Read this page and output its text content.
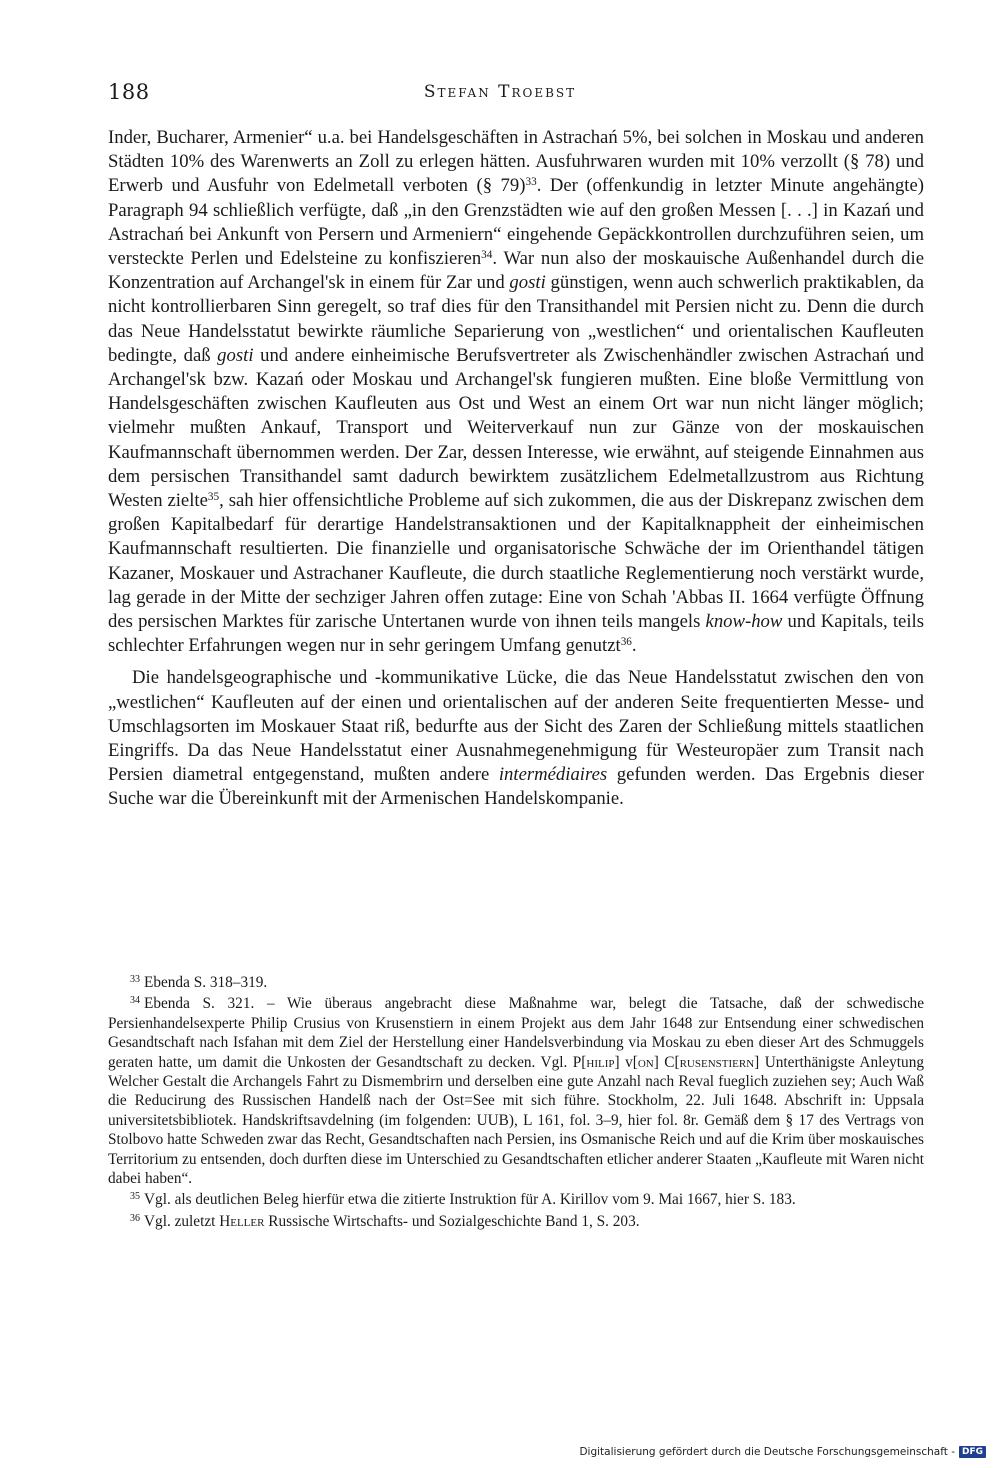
188	Stefan Troebst

Inder, Bucharer, Armenier“ u.a. bei Handelsgeschäften in Astrachań 5%, bei solchen in Moskau und anderen Städten 10% des Warenwerts an Zoll zu erlegen hätten. Ausfuhrwaren wurden mit 10% verzollt (§ 78) und Erwerb und Ausfuhr von Edelmetall verboten (§ 79)$^{33}$. Der (offenkundig in letzter Minute angehängte) Paragraph 94 schließlich verfügte, daß „in den Grenzstädten wie auf den großen Messen [. . .] in Kazań und Astrachań bei Ankunft von Persern und Armeniern“ eingehende Gepäckkontrollen durchzuführen seien, um versteckte Perlen und Edelsteine zu konfiszieren$^{34}$. War nun also der moskauische Außenhandel durch die Konzentration auf Archangel'sk in einem für Zar und gosti günstigen, wenn auch schwerlich praktikablen, da nicht kontrollierbaren Sinn geregelt, so traf dies für den Transithandel mit Persien nicht zu. Denn die durch das Neue Handelsstatut bewirkte räumliche Separierung von „westlichen“ und orientalischen Kaufleuten bedingte, daß gosti und andere einheimische Berufsvertreter als Zwischenhändler zwischen Astrachań und Archangel'sk bzw. Kazań oder Moskau und Archangel'sk fungieren mußten. Eine bloße Vermittlung von Handelsgeschäften zwischen Kaufleuten aus Ost und West an einem Ort war nun nicht länger möglich; vielmehr mußten Ankauf, Transport und Weiterverkauf nun zur Gänze von der moskauischen Kaufmannschaft übernommen werden. Der Zar, dessen Interesse, wie erwähnt, auf steigende Einnahmen aus dem persischen Transithandel samt dadurch bewirktem zusätzlichem Edelmetallzustrom aus Richtung Westen zielte$^{35}$, sah hier offensichtliche Probleme auf sich zukommen, die aus der Diskrepanz zwischen dem großen Kapitalbedarf für derartige Handelstransaktionen und der Kapitalknappheit der einheimischen Kaufmannschaft resultierten. Die finanzielle und organisatorische Schwäche der im Orienthandel tätigen Kazaner, Moskauer und Astrachaner Kaufleute, die durch staatliche Reglementierung noch verstärkt wurde, lag gerade in der Mitte der sechziger Jahren offen zutage: Eine von Schah 'Abbas II. 1664 verfügte Öffnung des persischen Marktes für zarische Untertanen wurde von ihnen teils mangels know-how und Kapitals, teils schlechter Erfahrungen wegen nur in sehr geringem Umfang genutzt$^{36}$.

Die handelsgeographische und -kommunikative Lücke, die das Neue Handelsstatut zwischen den von „westlichen“ Kaufleuten auf der einen und orientalischen auf der anderen Seite frequentierten Messe- und Umschlagsorten im Moskauer Staat riß, bedurfte aus der Sicht des Zaren der Schließung mittels staatlichen Eingriffs. Da das Neue Handelsstatut einer Ausnahmegenehmigung für Westeuropäer zum Transit nach Persien diametral entgegenstand, mußten andere intermédiaires gefunden werden. Das Ergebnis dieser Suche war die Übereinkunft mit der Armenischen Handelskompanie.

$^{33}$ Ebenda S. 318–319.

$^{34}$ Ebenda S. 321. – Wie überaus angebracht diese Maßnahme war, belegt die Tatsache, daß der schwedische Persienhandelsexperte Philip Crusius von Krusenstiern in einem Projekt aus dem Jahr 1648 zur Entsendung einer schwedischen Gesandtschaft nach Isfahan mit dem Ziel der Herstellung einer Handelsverbindung via Moskau zu eben dieser Art des Schmuggels geraten hatte, um damit die Unkosten der Gesandtschaft zu decken. Vgl. P[hilip] v[on] C[rusenstiern] Unterthänigste Anleytung Welcher Gestalt die Archangels Fahrt zu Dismembrirn und derselben eine gute Anzahl nach Reval fueglich zuziehen sey; Auch Waß die Reducirung des Russischen Handelß nach der Ost=See mit sich führe. Stockholm, 22. Juli 1648. Abschrift in: Uppsala universitetsbibliotek. Handskriftsavdelning (im folgenden: UUB), L 161, fol. 3–9, hier fol. 8r. Gemäß dem § 17 des Vertrags von Stolbovo hatte Schweden zwar das Recht, Gesandtschaften nach Persien, ins Osmanische Reich und auf die Krim über moskauisches Territorium zu entsenden, doch durften diese im Unterschied zu Gesandtschaften etlicher anderer Staaten „Kaufleute mit Waren nicht dabei haben“.

$^{35}$ Vgl. als deutlichen Beleg hierfür etwa die zitierte Instruktion für A. Kirillov vom 9. Mai 1667, hier S. 183.

$^{36}$ Vgl. zuletzt Heller Russische Wirtschafts- und Sozialgeschichte Band 1, S. 203.

Digitalisierung gefördert durch die Deutsche Forschungsgemeinschaft - DFG
